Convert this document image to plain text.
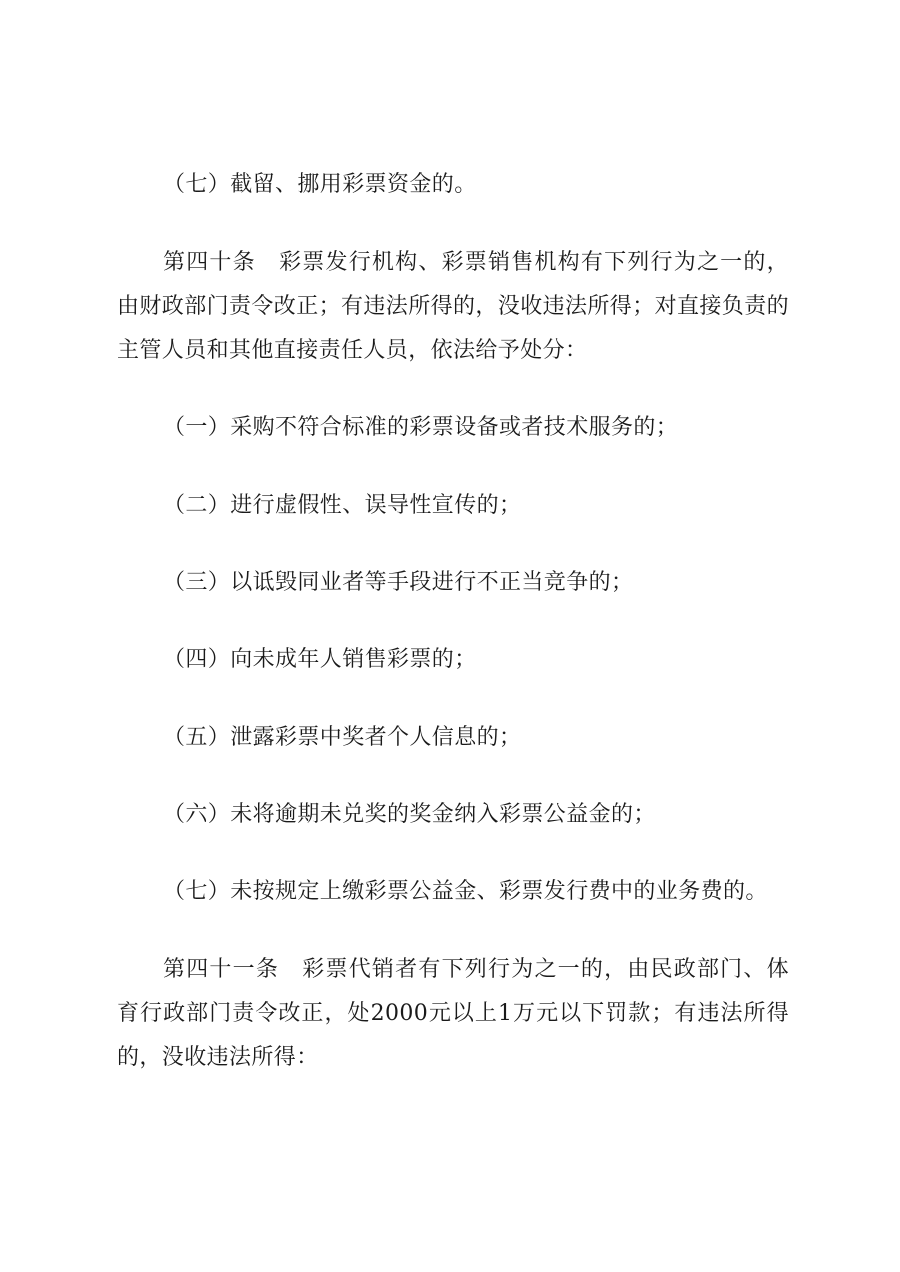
（七）截留、挪用彩票资金的。

第四十条　彩票发行机构、彩票销售机构有下列行为之一的，由财政部门责令改正；有违法所得的，没收违法所得；对直接负责的主管人员和其他直接责任人员，依法给予处分：

（一）采购不符合标准的彩票设备或者技术服务的；

（二）进行虚假性、误导性宣传的；

（三）以诋毁同业者等手段进行不正当竞争的；

（四）向未成年人销售彩票的；

（五）泄露彩票中奖者个人信息的；

（六）未将逾期未兑奖的奖金纳入彩票公益金的；

（七）未按规定上缴彩票公益金、彩票发行费中的业务费的。

第四十一条　彩票代销者有下列行为之一的，由民政部门、体育行政部门责令改正，处2000元以上1万元以下罚款；有违法所得的，没收违法所得：
